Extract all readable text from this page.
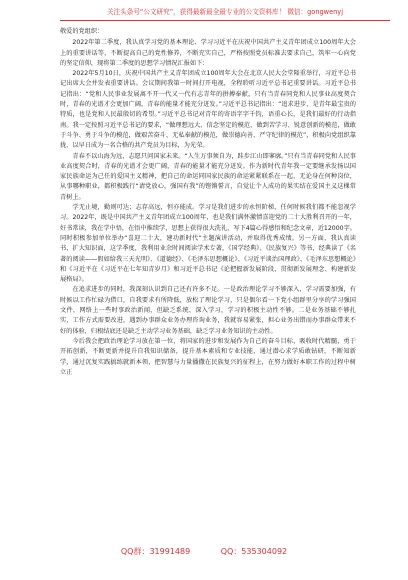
关注头条号“公文研究”，获得最新最全最专业的公文资料库！ 微信：gongwenyj

敬爱的党组织：

2022年第二季度，我认真学习党的基本理论、学习习近平在庆祝中国共产主义青年团成立100周年大会上的重要讲话等，不断提高自己的党性修养，不断充实自己，严格按照党员标准去要求自己，筑牢一心向党的坚定信仰，现将第二季度的思想学习情况汇报如下：

2022年5月10日，庆祝中国共产主义青年团成立100周年大会在北京人民大会堂隆重举行，习近平总书记出席大会并发表重要讲话。会议期间我第一时间打开电视，全程聆听习近平总书记重要讲话。习近平总书记指出：“党和人民事业发展离不开一代又一代有志青年的拼搏奉献，只有当青春同党和人民事业高度契合时，青春的光谱才会更加广阔，青春的能量才能充分迸发。”习近平总书记指出：“追求进步，是青年最宝贵的特质，也是党和人民最殷切的希望。”习近平总书记对青年的寄语字字千钧，语重心长，是我们最好的行动指南。我一定按照习近平总书记的要求，“做理想远大、信念坚定的模范，做到苦学习、锐意创新的模范，做敢于斗争、勇于斗争的模范，做艰苦奋斗、无私奉献的模范，做崇德向善、严守纪律的模范”，积极向党组织靠拢，以早日成为一名合格的共产党员为目标，为光荣。

青春不以山海为远，志愿只问国家未来。“人生万事须自为，跬步江山即寥廓。”只有当青春同党和人民事业高度契合时，青春的光谱才会更广阔，青春的能量才能充分迸发。作为新时代青年我一定要继承发扬以国家民族命运为己任的爱国主义精神，把自己的命运同国家民族的命运紧紧联系在一起，无论身在何种岗位，从事哪种职业，都积极践行“请党放心，强国有我”的铿锵誓言，自觉让个人成功的果实结在爱国主义这棵常青树上。

学无止境，勤则可达；志存高远，恒亦能成。学习是我们进步的永恒阶梯，任何时候我们都不能忽视学习。2022年，既是中国共产主义青年团成立100周年，也是我们满怀激情喜迎党的二十大胜利召开的一年，好书常读，我在学中悟，在悟中推续学，思想上获得很大洗礼，写下4篇心得感悟和纪念文章，近12000字。同时积极参加单位举办“喜迎二十大，建功新时代”主题演讲活动，并取得优秀成绩。另一方面，我认真读书，扩大知识面，这学季度，我利用业余时间阅读学术专著，《国学经典》、《民族复兴》等书，经典读了《名著的阅读——假如给我三天光明》、《道德经》、《毛泽东思想概论》、《习近平谈治国理政》、《毛泽东思想概论》和《习近平在《习近平在七年知青岁月》和习近平总书记《论把握新发展阶段、贯彻新发展理念、构建新发展格局》。

在追求进步的同时，我深刻认识到自己还有许多不足。一是政治理论学习不够深入，学习需要加强，有时候以工作忙碌为借口，自我要求有所降低，放松了理论学习，只是偶尔看一下党小组群里分享的学习强国文件，网络上一些时事政治新闻，但缺乏系统、深入学习，学习的积极主动性不够。二是业务基础不够扎实，工作方式需要改进，遇到办事群众业务办理咨询业务，我就容易紧张，担心业务出错而办事群众带来不好的体验，归根结底还是缺乏主动学习业务基础，缺乏学习业务知识的主动性。

今后我会把政治理论学习放在第一位，将国家的进步和发展作为自己的奋斗目标，吸收时代精髓，勇于开拓创新，不断更新并提升自我知识储备，提升基本素质和专业技能，通过潜心求学质敢钻研，不断知新学，通过沉复实践搞练就新本领，把智慧与力量播撒在民族复兴的征程上，在努力做好本职工作的过程中树立正

QQ群：31991489	QQ：535304092
